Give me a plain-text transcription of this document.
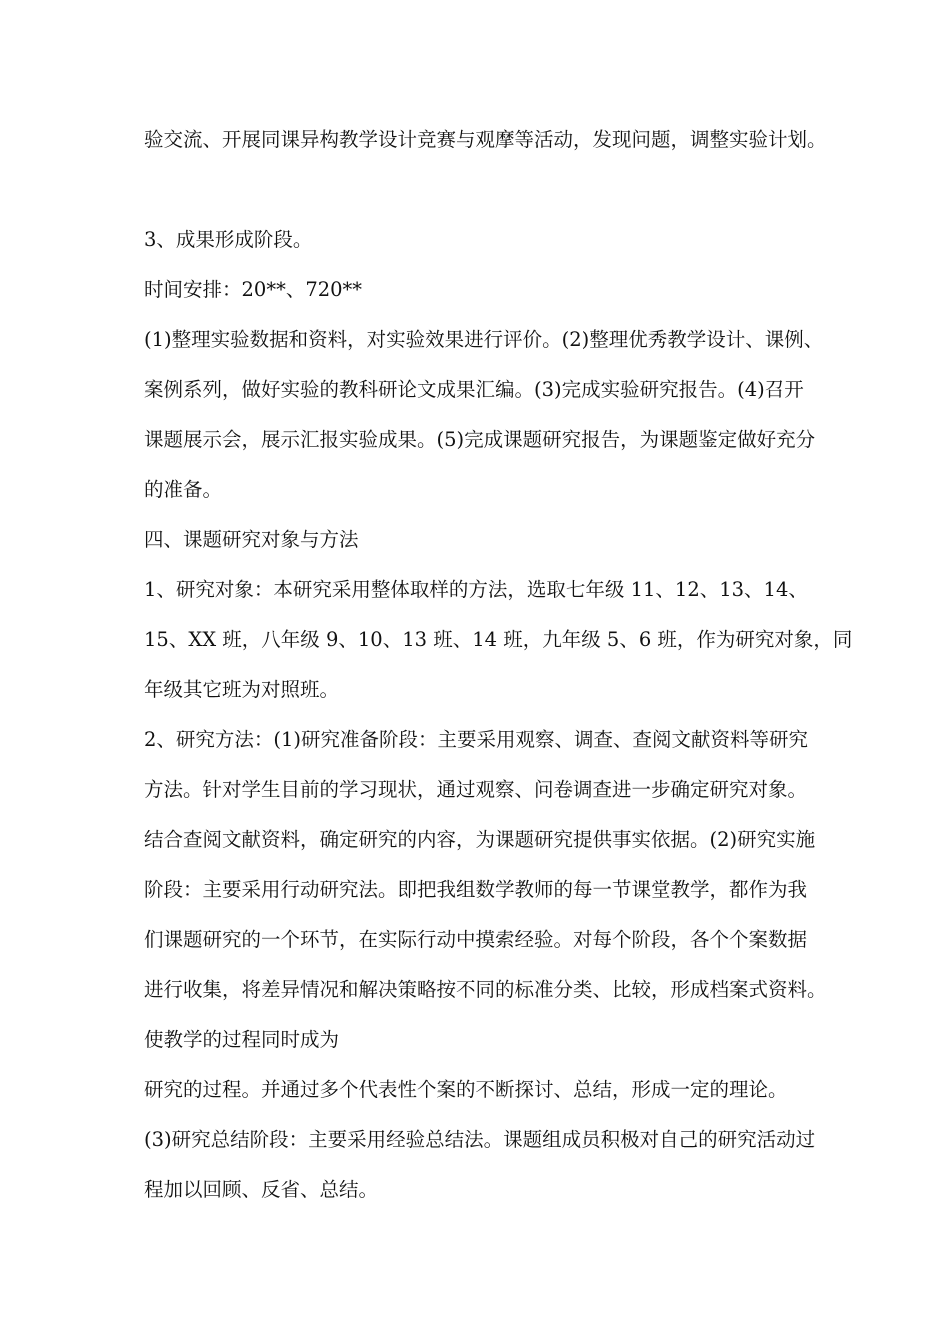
验交流、开展同课异构教学设计竞赛与观摩等活动，发现问题，调整实验计划。
3、成果形成阶段。
时间安排：20**、720**
(1)整理实验数据和资料，对实验效果进行评价。(2)整理优秀教学设计、课例、
案例系列，做好实验的教科研论文成果汇编。(3)完成实验研究报告。(4)召开
课题展示会，展示汇报实验成果。(5)完成课题研究报告，为课题鉴定做好充分
的准备。
四、课题研究对象与方法
1、研究对象：本研究采用整体取样的方法，选取七年级 11、12、13、14、
15、XX 班，八年级 9、10、13 班、14 班，九年级 5、6 班，作为研究对象，同
年级其它班为对照班。
2、研究方法：(1)研究准备阶段：主要采用观察、调查、查阅文献资料等研究
方法。针对学生目前的学习现状，通过观察、问卷调查进一步确定研究对象。
结合查阅文献资料，确定研究的内容，为课题研究提供事实依据。(2)研究实施
阶段：主要采用行动研究法。即把我组数学教师的每一节课堂教学，都作为我
们课题研究的一个环节，在实际行动中摸索经验。对每个阶段，各个个案数据
进行收集，将差异情况和解决策略按不同的标准分类、比较，形成档案式资料。
使教学的过程同时成为
研究的过程。并通过多个代表性个案的不断探讨、总结，形成一定的理论。
(3)研究总结阶段：主要采用经验总结法。课题组成员积极对自己的研究活动过
程加以回顾、反省、总结。
